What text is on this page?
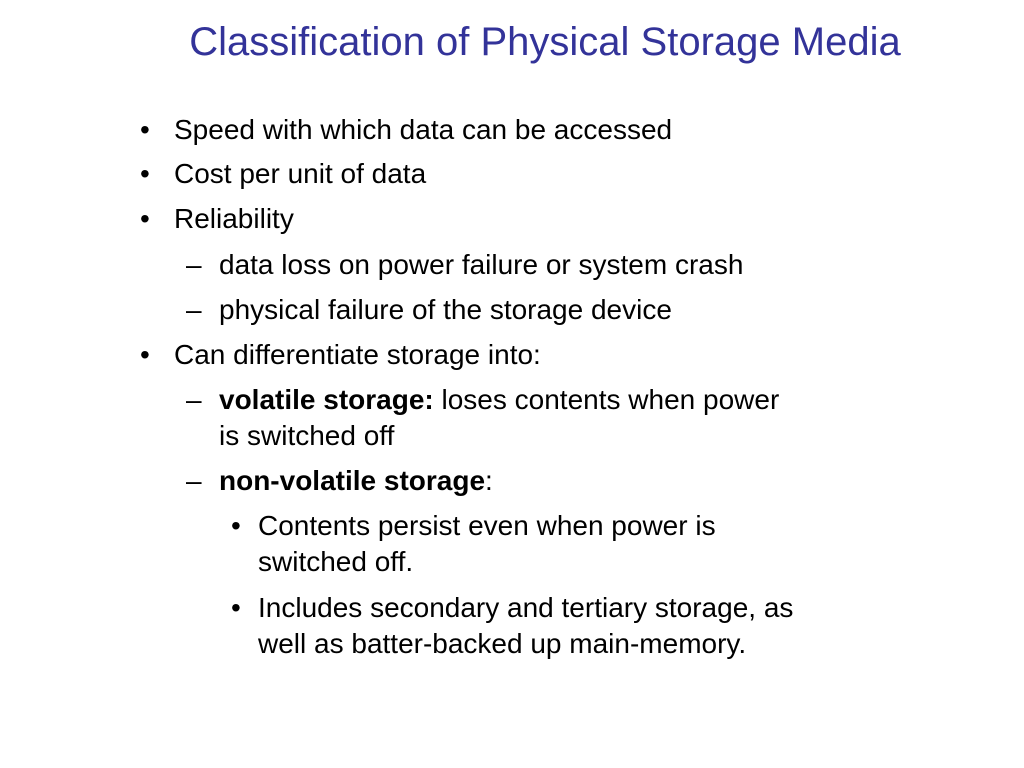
Classification of Physical Storage Media
• Speed with which data can be accessed
• Cost per unit of data
• Reliability
– data loss on power failure or system crash
– physical failure of the storage device
• Can differentiate storage into:
– volatile storage: loses contents when power
is switched off
– non-volatile storage:
• Contents persist even when power is
switched off.
• Includes secondary and tertiary storage, as
well as batter-backed up main-memory.
